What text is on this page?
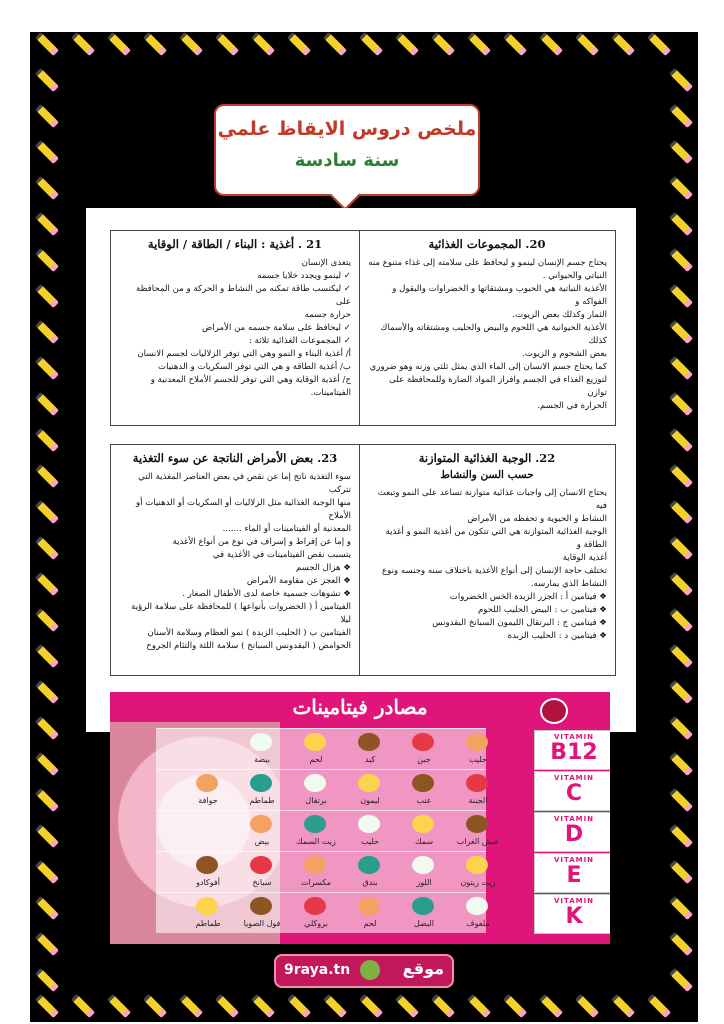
ملخص دروس الايقاظ علمي
سنة سادسة
20. المجموعات الغذائية

يحتاج جسم الإنسان لينمو و ليحافظ على سلامته إلى غذاء متنوع منه
النباتي والحيواني .
الأغذية النباتية هي الحبوب ومشتقاتها و الخضراوات والبقول و الفواكه و
الثمار وكذلك بعض الزيوت.
الأغذية الحيوانية هي اللحوم والبيض والحليب ومشتقاته والأسماك كذلك
بعض الشحوم و الزيوت.
كما يحتاج جسم الانسان إلى الماء الذي يمثل ثلثي وزنه وهو ضروري
لتوزيع الغذاء في الجسم وافراز المواد الضارة وللمحافظة على توازن
الحرارة في الجسم.

21 . أغذية : البناء / الطاقة / الوقاية

يتغذى الإنسان
✓ لينمو ويجدد خلايا جسمه
✓ ليكتسب طاقة تمكنه من النشاط و الحركة و من المحافظة على
حرارة جسمه
✓ ليحافظ على سلامة جسمه من الأمراض
✓ المجموعات الغذائية ثلاثة :
أ/ أغذية البناء و النمو وهي التي توفر الزلاليات لجسم الانسان
ب/ أغذية الطاقة و هي التي توفر السكريات و الدهنيات
ج/ أغذية الوقاية وهي التي توفر للجسم الأملاح المعدنية و الفيتامينات.

22. الوجبة الغذائية المتوازنة
حسب السن والنشاط

يحتاج الانسان إلى واجبات غذائية متوازنة تساعد على النمو وتبعث فيه
النشاط و الحيوية و تحفظه من الأمراض
الوجبة الغذائية المتوازنة هي التي تتكون من أغذية النمو و أغذية الطاقة و
أغذية الوقاية
تختلف حاجة الإنسان إلى أنواع الأغذية باختلاف سنه وجنسه ونوع
النشاط الذي يمارسه.
❖ فيتامين أ : الجزر الزبدة الخس الخضروات
❖ فيتامين ب : البيض الحليب اللحوم
❖ فيتامين ج : البرتقال الليمون السبانخ البقدونس
❖ فيتامين د : الحليب الزبدة

23. بعض الأمراض الناتجة عن سوء التغذية

سوء التغذية ناتج إما عن نقص في بعض العناصر المغذية التي تتركب
منها الوجبة الغذائية مثل الزلاليات أو السكريات أو الدهنيات أو الأملاح
المعدنية أو الفيتامينات أو الماء .......
و إما عن إفراط و إسراف في نوع من أنواع الأغذية
يتسبب نقص الفيتامينات في الأغذية في
❖ هزال الجسم
❖ العجز عن مقاومة الأمراض
❖ تشوهات جسمية خاصة لدى الأطفال الصغار .
الفيتامين أ ( الخضروات بأنواعها ) للمحافظة على سلامة الرؤية ليلا
الفيتامين ب ( الحليب الزبدة ) نمو العظام وسلامة الأسنان
الحوامض ( البقدونس السبانخ ) سلامة اللثة والتئام الجروح

مصادر فيتامينات
حليب
جبن
كبد
لحم
بيضة
VITAMIN
B12
الجبنة
عنب
ليمون
برتقال
طماطم
جوافة
VITAMIN
C
عيش الغراب
سمك
حليب
زيت السمك
بيض
VITAMIN
D
زيت زيتون
اللوز
بندق
مكسرات
سبانخ
أفوكادو
VITAMIN
E
ملفوف
البصل
لحم
بروكلي
فول الصويا
طماطم
VITAMIN
K
9raya.tn	موقع
